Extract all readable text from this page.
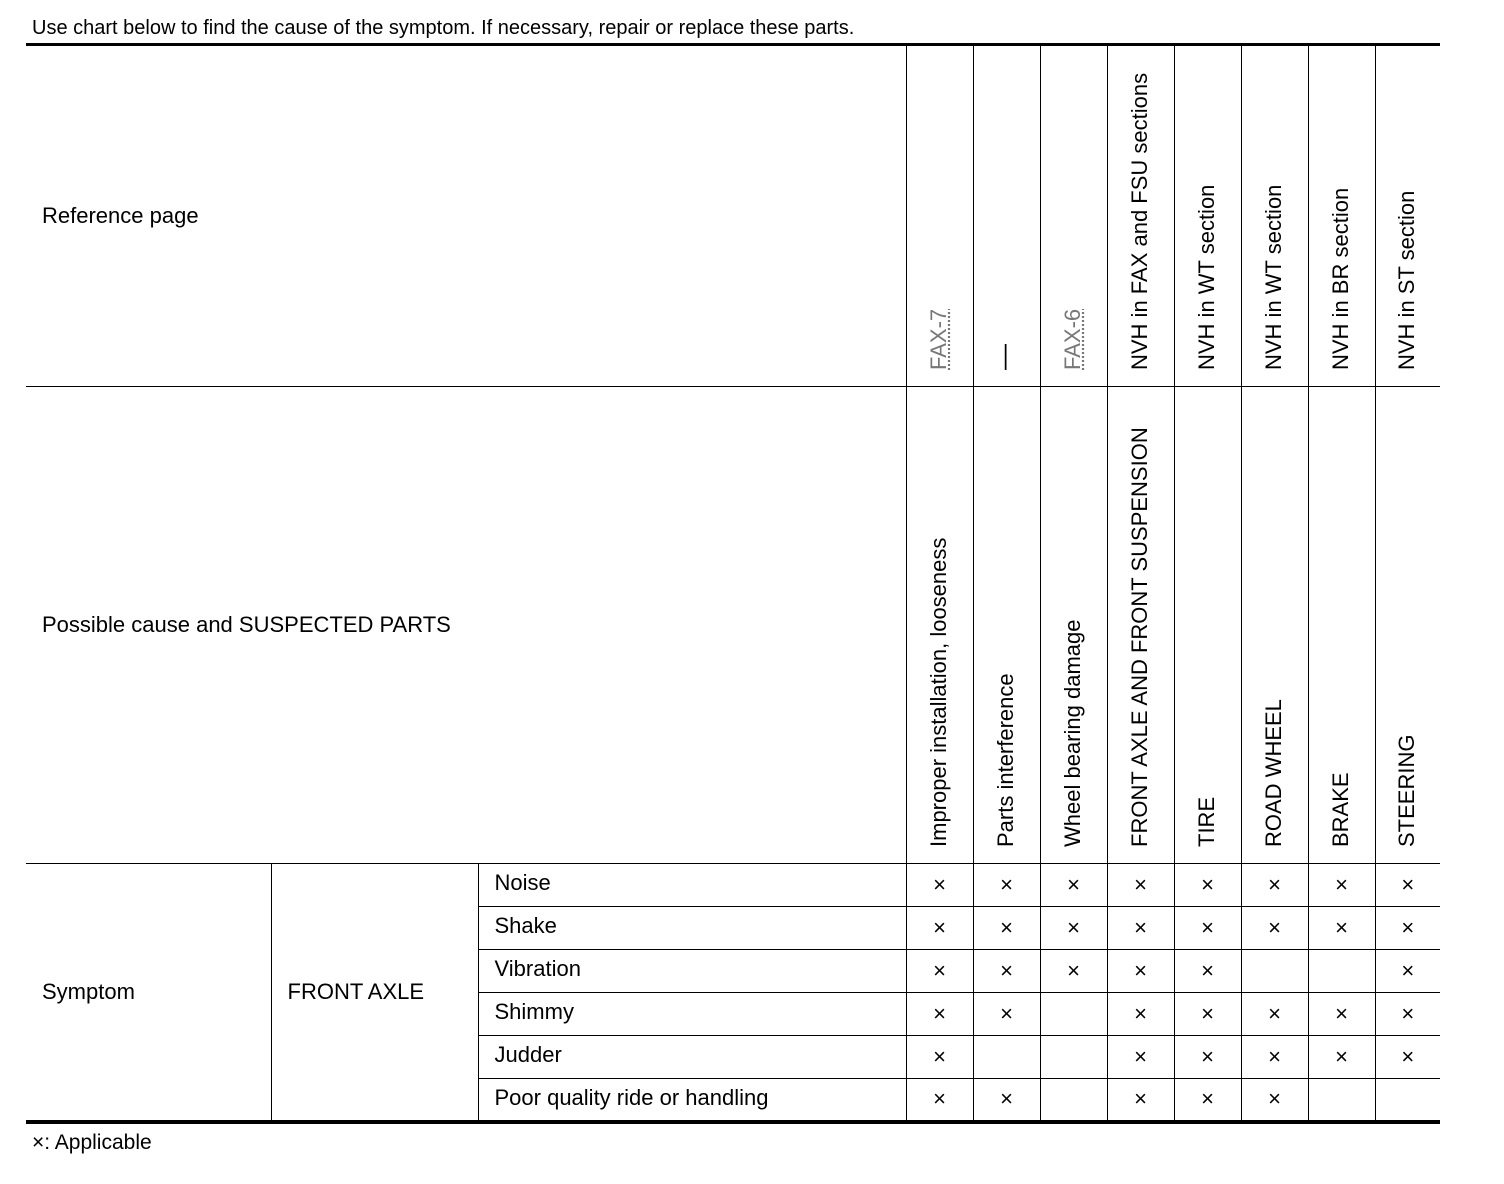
Use chart below to find the cause of the symptom. If necessary, repair or replace these parts.
Reference page			FAX-7	—	FAX-6	NVH in FAX and FSU sections	NVH in WT section	NVH in WT section	NVH in BR section	NVH in ST section

Possible cause and SUSPECTED PARTS			Improper installation, looseness	Parts interference	Wheel bearing damage	FRONT AXLE AND FRONT SUSPENSION	TIRE	ROAD WHEEL	BRAKE	STEERING

Symptom	FRONT AXLE	Noise	×	×	×	×	×	×	×	×
		Shake	×	×	×	×	×	×	×	×
		Vibration	×	×	×	×	×			×
		Shimmy	×	×		×	×	×	×	×
		Judder	×			×	×	×	×	×
		Poor quality ride or handling	×	×		×	×	×		
×: Applicable
